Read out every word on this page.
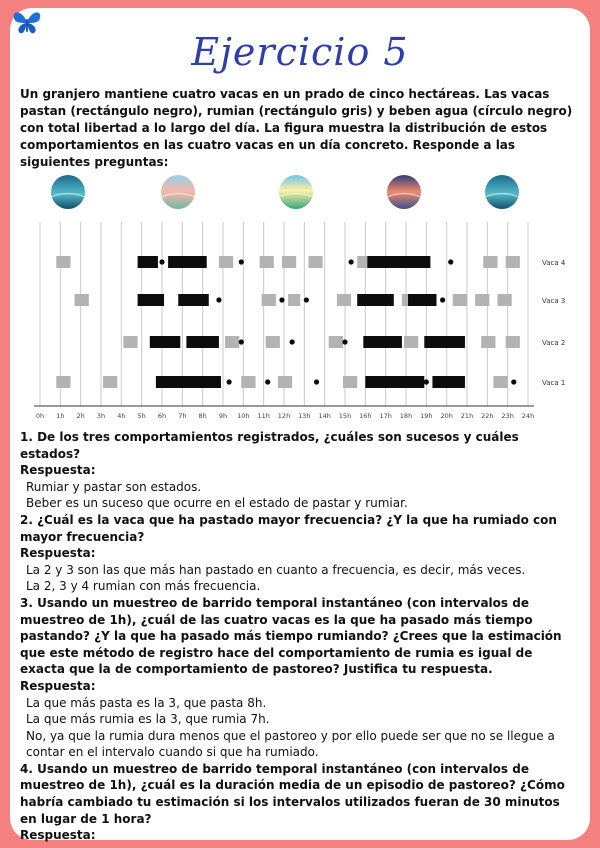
Ejercicio 5
Un granjero mantiene cuatro vacas en un prado de cinco hectáreas. Las vacas pastan (rectángulo negro), rumian (rectángulo gris) y beben agua (círculo negro) con total libertad a lo largo del día. La figura muestra la distribución de estos comportamientos en las cuatro vacas en un día concreto. Responde a las siguientes preguntas:
0h 1h 2h 3h 4h 5h 6h 7h 8h 9h 10h 11h 12h 13h 14h 15h 16h 17h 18h 19h 20h 21h 22h 23h 24h
Vaca 4
Vaca 3
Vaca 2
Vaca 1
1. De los tres comportamientos registrados, ¿cuáles son sucesos y cuáles estados?
Respuesta:
Rumiar y pastar son estados.
Beber es un suceso que ocurre en el estado de pastar y rumiar.
2. ¿Cuál es la vaca que ha pastado mayor frecuencia? ¿Y la que ha rumiado con mayor frecuencia?
Respuesta:
La 2 y 3 son las que más han pastado en cuanto a frecuencia, es decir, más veces.
La 2, 3 y 4 rumian con más frecuencia.
3. Usando un muestreo de barrido temporal instantáneo (con intervalos de muestreo de 1h), ¿cuál de las cuatro vacas es la que ha pasado más tiempo pastando? ¿Y la que ha pasado más tiempo rumiando? ¿Crees que la estimación que este método de registro hace del comportamiento de rumia es igual de exacta que la de comportamiento de pastoreo? Justifica tu respuesta.
Respuesta:
La que más pasta es la 3, que pasta 8h.
La que más rumia es la 3, que rumia 7h.
No, ya que la rumia dura menos que el pastoreo y por ello puede ser que no se llegue a contar en el intervalo cuando si que ha rumiado.
4. Usando un muestreo de barrido temporal instantáneo (con intervalos de muestreo de 1h), ¿cuál es la duración media de un episodio de pastoreo? ¿Cómo habría cambiado tu estimación si los intervalos utilizados fueran de 30 minutos en lugar de 1 hora?
Respuesta:
